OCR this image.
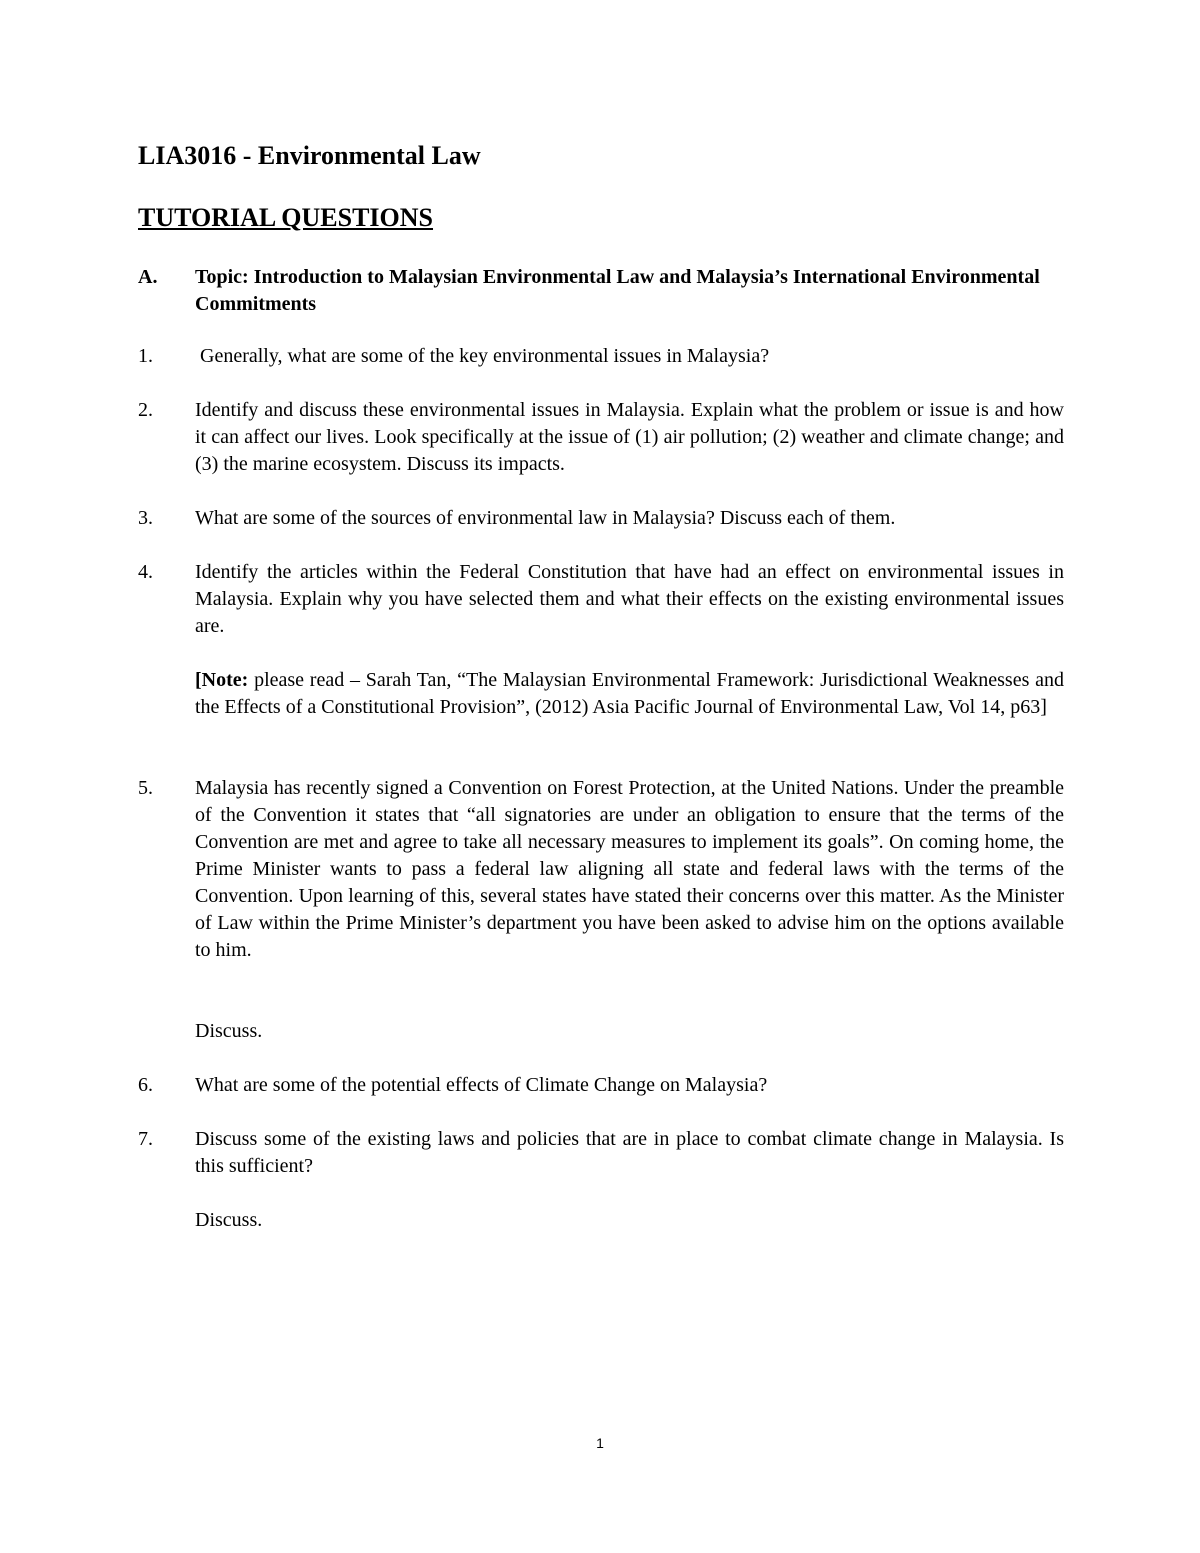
LIA3016 - Environmental Law
TUTORIAL QUESTIONS
A.	Topic: Introduction to Malaysian Environmental Law and Malaysia’s International Environmental Commitments
1.	Generally, what are some of the key environmental issues in Malaysia?
2.	Identify and discuss these environmental issues in Malaysia. Explain what the problem or issue is and how it can affect our lives. Look specifically at the issue of (1) air pollution; (2) weather and climate change; and (3) the marine ecosystem. Discuss its impacts.
3.	What are some of the sources of environmental law in Malaysia? Discuss each of them.
4.	Identify the articles within the Federal Constitution that have had an effect on environmental issues in Malaysia. Explain why you have selected them and what their effects on the existing environmental issues are.
[Note: please read – Sarah Tan, “The Malaysian Environmental Framework: Jurisdictional Weaknesses and the Effects of a Constitutional Provision”, (2012) Asia Pacific Journal of Environmental Law, Vol 14, p63]
5.	Malaysia has recently signed a Convention on Forest Protection, at the United Nations. Under the preamble of the Convention it states that “all signatories are under an obligation to ensure that the terms of the Convention are met and agree to take all necessary measures to implement its goals”. On coming home, the Prime Minister wants to pass a federal law aligning all state and federal laws with the terms of the Convention. Upon learning of this, several states have stated their concerns over this matter. As the Minister of Law within the Prime Minister’s department you have been asked to advise him on the options available to him.
Discuss.
6.	What are some of the potential effects of Climate Change on Malaysia?
7.	Discuss some of the existing laws and policies that are in place to combat climate change in Malaysia. Is this sufficient?
Discuss.
1
